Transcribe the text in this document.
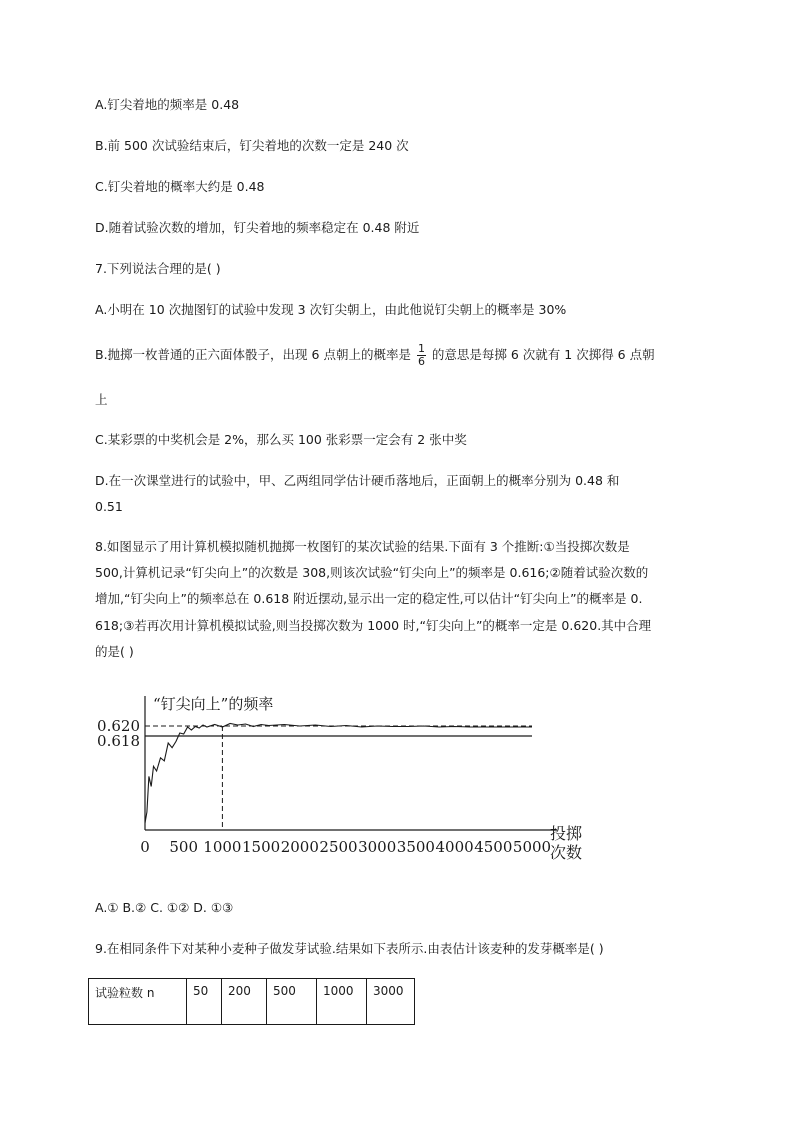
A.钉尖着地的频率是 0.48
B.前 500 次试验结束后，钉尖着地的次数一定是 240 次
C.钉尖着地的概率大约是 0.48
D.随着试验次数的增加，钉尖着地的频率稳定在 0.48 附近
7.下列说法合理的是( )
A.小明在 10 次抛图钉的试验中发现 3 次钉尖朝上，由此他说钉尖朝上的概率是 30%
B.抛掷一枚普通的正六面体骰子，出现 6 点朝上的概率是 $\frac{1}{6}$ 的意思是每掷 6 次就有 1 次掷得 6 点朝
上
C.某彩票的中奖机会是 2%，那么买 100 张彩票一定会有 2 张中奖
D.在一次课堂进行的试验中，甲、乙两组同学估计硬币落地后，正面朝上的概率分别为 0.48 和
0.51
8.如图显示了用计算机模拟随机抛掷一枚图钉的某次试验的结果.下面有 3 个推断:①当投掷次数是
500,计算机记录“钉尖向上”的次数是 308,则该次试验“钉尖向上”的频率是 0.616;②随着试验次数的
增加,“钉尖向上”的频率总在 0.618 附近摆动,显示出一定的稳定性,可以估计“钉尖向上”的概率是 0.
618;③若再次用计算机模拟试验,则当投掷次数为 1000 时,“钉尖向上”的概率一定是 0.620.其中合理
的是( )
0.620
0.618
0 500 1000 1500 2000 2500 3000 3500 4000 4500 5000
“钉尖向上”的频率
投掷
次数
A.① B.② C. ①② D. ①③
9.在相同条件下对某种小麦种子做发芽试验.结果如下表所示.由表估计该麦种的发芽概率是( )
试验粒数 n	50	200	500	1000	3000
